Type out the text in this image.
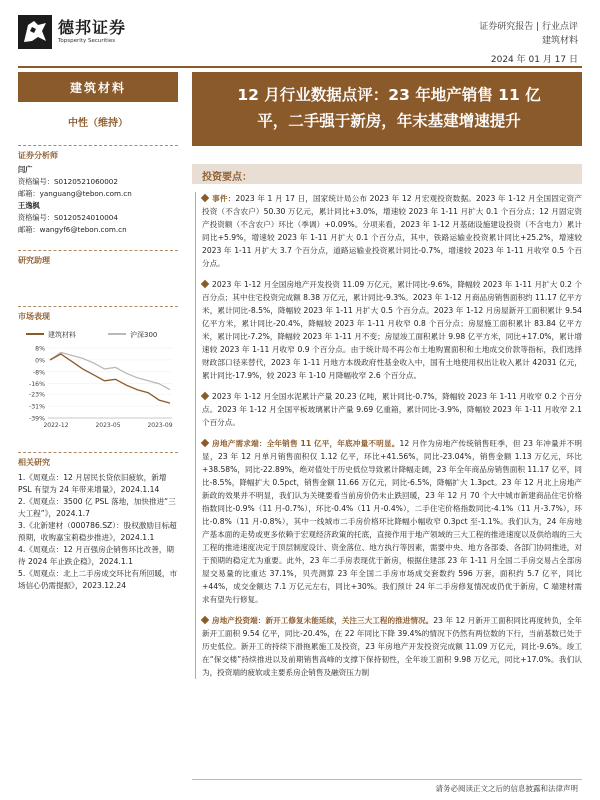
德邦证券
Topsperity Securities
证券研究报告 | 行业点评
建筑材料
2024 年 01 月 17 日
建筑材料
中性（维持）
证券分析师
闫广
资格编号：S0120521060002
邮箱：yanguang@tebon.com.cn
王逸枫
资格编号：S0120524010004
邮箱：wangyf6@tebon.com.cn
研究助理
市场表现
建筑材料	沪深300
8%
0%
-8%
-16%
-23%
-31%
-39%
2022-12	2023-05	2023-09
相关研究
1.《周观点：12 月居民长贷依旧疲软，新增 PSL 有望为 24 年带来增量》，2024.1.14
2.《周观点：3500 亿 PSL 落地，加快推进“三大工程”》，2024.1.7
3.《北新建材（000786.SZ）：股权激励目标超预期，收购嘉宝莉稳步推进》，2024.1.1
4.《周观点：12 月百强房企销售环比改善，期待 2024 年止跌企稳》，2024.1.1
5.《周观点：北上二手房成交环比有所回暖，市场信心仍需提振》，2023.12.24
12 月行业数据点评：23 年地产销售 11 亿
平，二手强于新房，年末基建增速提升
投资要点：

事件：2023 年 1 月 17 日，国家统计局公布 2023 年 12 月宏观投资数据。2023 年 1-12 月全国固定资产投资（不含农户）50.30 万亿元，累计同比+3.0%，增速较 2023 年 1-11 月扩大 0.1 个百分点；12 月固定资产投资额（不含农户）环比（季调）+0.09%。分项来看，2023 年 1-12 月基础设施建设投资（不含电力）累计同比+5.9%，增速较 2023 年 1-11 月扩大 0.1 个百分点，其中，铁路运输业投资累计同比+25.2%，增速较 2023 年 1-11 月扩大 3.7 个百分点，道路运输业投资累计同比-0.7%，增速较 2023 年 1-11 月收窄 0.5 个百分点。

2023 年 1-12 月全国房地产开发投资 11.09 万亿元，累计同比-9.6%，降幅较 2023 年 1-11 月扩大 0.2 个百分点；其中住宅投资完成额 8.38 万亿元，累计同比-9.3%。2023 年 1-12 月商品房销售面积约 11.17 亿平方米，累计同比-8.5%，降幅较 2023 年 1-11 月扩大 0.5 个百分点。2023 年 1-12 月房屋新开工面积累计 9.54 亿平方米，累计同比-20.4%，降幅较 2023 年 1-11 月收窄 0.8 个百分点；房屋施工面积累计 83.84 亿平方米，累计同比-7.2%，降幅较 2023 年 1-11 月不变；房屋竣工面积累计 9.98 亿平方米，同比+17.0%，累计增速较 2023 年 1-11 月收窄 0.9 个百分点。由于统计局不再公布土地购置面积和土地成交价款等指标，我们选择财政部口径来替代，2023 年 1-11 月地方本级政府性基金收入中，国有土地使用权出让收入累计 42031 亿元，累计同比-17.9%，较 2023 年 1-10 月降幅收窄 2.6 个百分点。

2023 年 1-12 月全国水泥累计产量 20.23 亿吨，累计同比-0.7%，降幅较 2023 年 1-11 月收窄 0.2 个百分点。2023 年 1-12 月全国平板玻璃累计产量 9.69 亿重箱，累计同比-3.9%，降幅较 2023 年 1-11 月收窄 2.1 个百分点。

房地产需求端：全年销售 11 亿平，年底冲量不明显。12 月作为房地产传统销售旺季，但 23 年冲量并不明显，23 年 12 月单月销售面积仅 1.12 亿平，环比+41.56%，同比-23.04%，销售金额 1.13 万亿元，环比+38.58%，同比-22.89%，绝对值处于历史低位导致累计降幅走阔，23 年全年商品房销售面积 11.17 亿平，同比-8.5%，降幅扩大 0.5pct，销售金额 11.66 万亿元，同比-6.5%，降幅扩大 1.3pct。23 年 12 月北上房地产新政的效果并不明显，我们认为关键要看当前房价仍未止跌回暖，23 年 12 月 70 个大中城市新建商品住宅价格指数同比-0.9%（11 月-0.7%），环比-0.4%（11 月-0.4%），二手住宅价格指数同比-4.1%（11 月-3.7%），环比-0.8%（11 月-0.8%），其中一线城市二手房价格环比降幅小幅收窄 0.3pct 至-1.1%。我们认为，24 年房地产基本面的走势或更多依赖于宏观经济政策的托底，直接作用于地产领域的三大工程的推进速度以及供给端的三大工程的推进速度决定于顶层制度设计、资金落位、地方执行等因素，需要中央、地方各部委、各部门协同推进，对于预期的稳定尤为重要。此外，23 年二手房表现优于新房，根据住建部 23 年 1-11 月全国二手房交易占全部房屋交易量的比重达 37.1%，贝壳测算 23 年全国二手房市场成交套数约 596 万套，面积约 5.7 亿平，同比+44%，成交金额达 7.1 万亿元左右，同比+30%。我们预计 24 年二手房修复情况或仍优于新房，C 端建材需求有望先行修复。

房地产投资端：新开工修复未能延续，关注三大工程的推进情况。23 年 12 月新开工面积同比再度转负，全年新开工面积 9.54 亿平，同比-20.4%，在 22 年同比下降 39.4%的情况下仍然有两位数的下行，当前基数已处于历史低位。新开工的持续下滑拖累施工及投资，23 年房地产开发投资完成额 11.09 万亿元，同比-9.6%。竣工在“保交楼”持续推进以及前期销售高峰的支撑下保持韧性，全年竣工面积 9.98 万亿元，同比+17.0%。我们认为，投资端的疲软或主要系房企销售及融资压力制

请务必阅读正文之后的信息披露和法律声明
